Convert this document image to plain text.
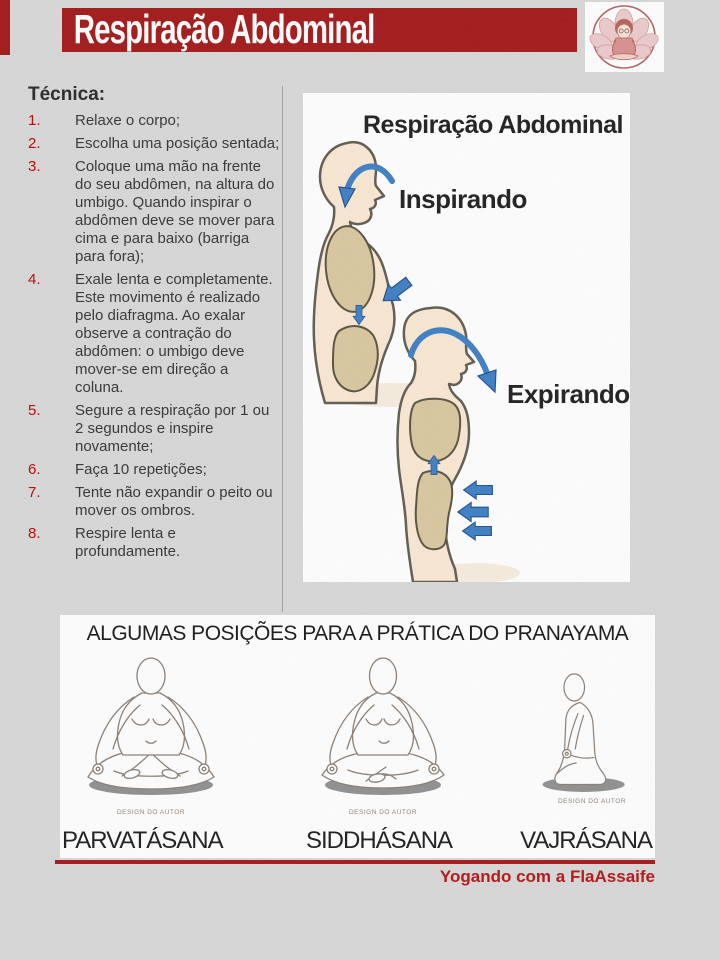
Respiração Abdominal
Técnica:
1.	Relaxe o corpo;
2.	Escolha uma posição sentada;
3.	Coloque uma mão na frente do seu abdômen, na altura do umbigo. Quando inspirar o abdômen deve se mover para cima e para baixo (barriga para fora);
4.	Exale lenta e completamente. Este movimento é realizado pelo diafragma. Ao exalar observe a contração do abdômen: o umbigo deve mover-se em direção a coluna.
5.	Segure a respiração por 1 ou 2 segundos e inspire novamente;
6.	Faça 10 repetições;
7.	Tente não expandir o peito ou mover os ombros.
8.	Respire lenta e profundamente.
Respiração Abdominal
Inspirando
Expirando
ALGUMAS POSIÇÕES PARA A PRÁTICA DO PRANAYAMA
DESIGN DO AUTOR	DESIGN DO AUTOR
DESIGN DO AUTOR
PARVATÁSANA	SIDDHÁSANA	VAJRÁSANA
Yogando com a FlaAssaife
